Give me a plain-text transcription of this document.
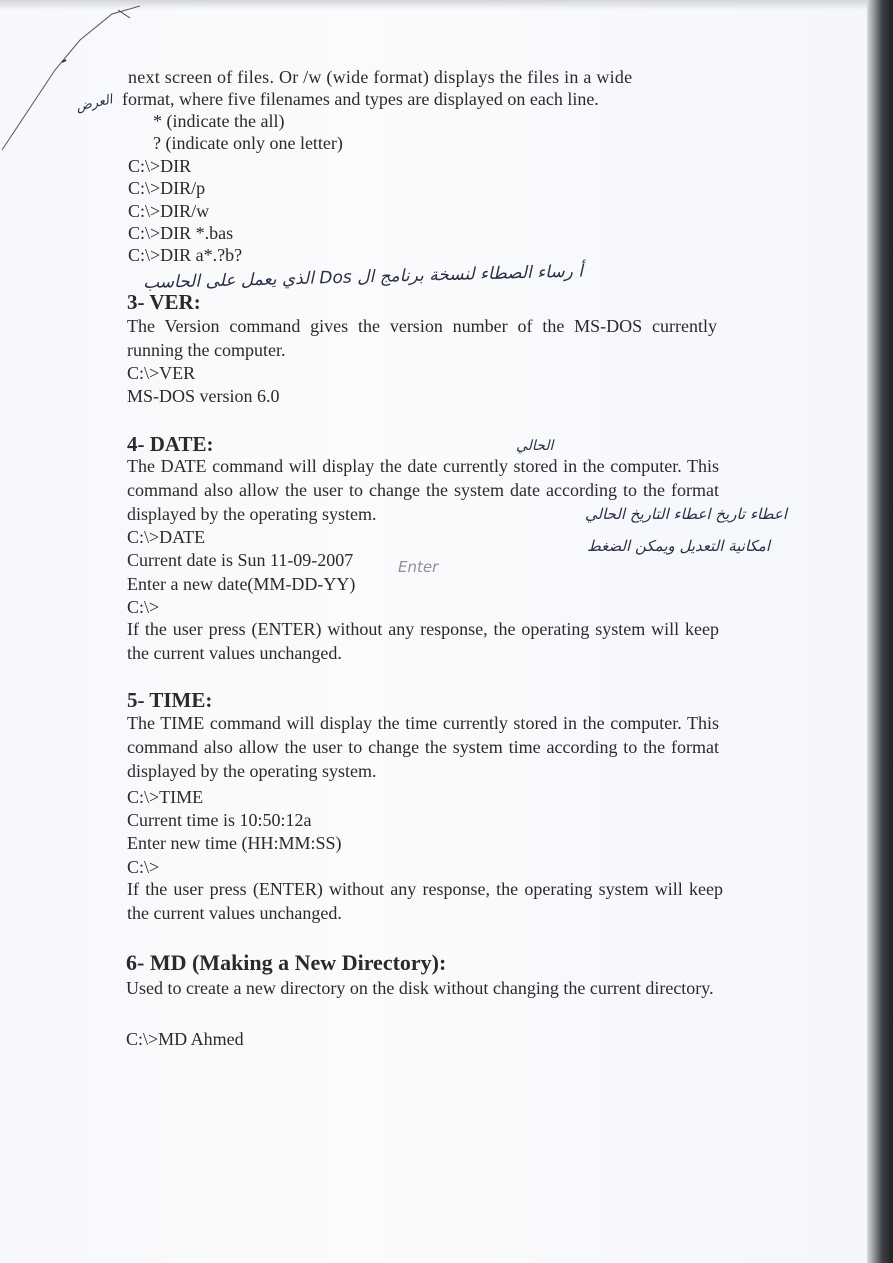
next screen of files. Or /w (wide format) displays the files in a wide
format, where five filenames and types are displayed on each line.
العرض
* (indicate the all)
? (indicate only one letter)
C:\>DIR
C:\>DIR/p
C:\>DIR/w
C:\>DIR *.bas
C:\>DIR a*.?b?
أ رساء الصطاء لنسخة برنامج ال Dos الذي يعمل على الحاسب
3- VER:
The Version command gives the version number of the MS-DOS currently running the computer.
C:\>VER
MS-DOS version 6.0
4- DATE:	الحالي
The DATE command will display the date currently stored in the computer. This command also allow the user to change the system date according to the format displayed by the operating system.
C:\>DATE
Current date is Sun 11-09-2007
Enter a new date(MM-DD-YY)
C:\>
اعطاء تاريخ اعطاء التاريخ الحالي
امكانية التعديل ويمكن الضغط
Enter
If the user press (ENTER) without any response, the operating system will keep the current values unchanged.
5- TIME:
The TIME command will display the time currently stored in the computer. This command also allow the user to change the system time according to the format displayed by the operating system.
C:\>TIME
Current time is 10:50:12a
Enter new time (HH:MM:SS)
C:\>
If the user press (ENTER) without any response, the operating system will keep the current values unchanged.
6- MD (Making a New Directory):
Used to create a new directory on the disk without changing the current directory.
C:\>MD Ahmed
